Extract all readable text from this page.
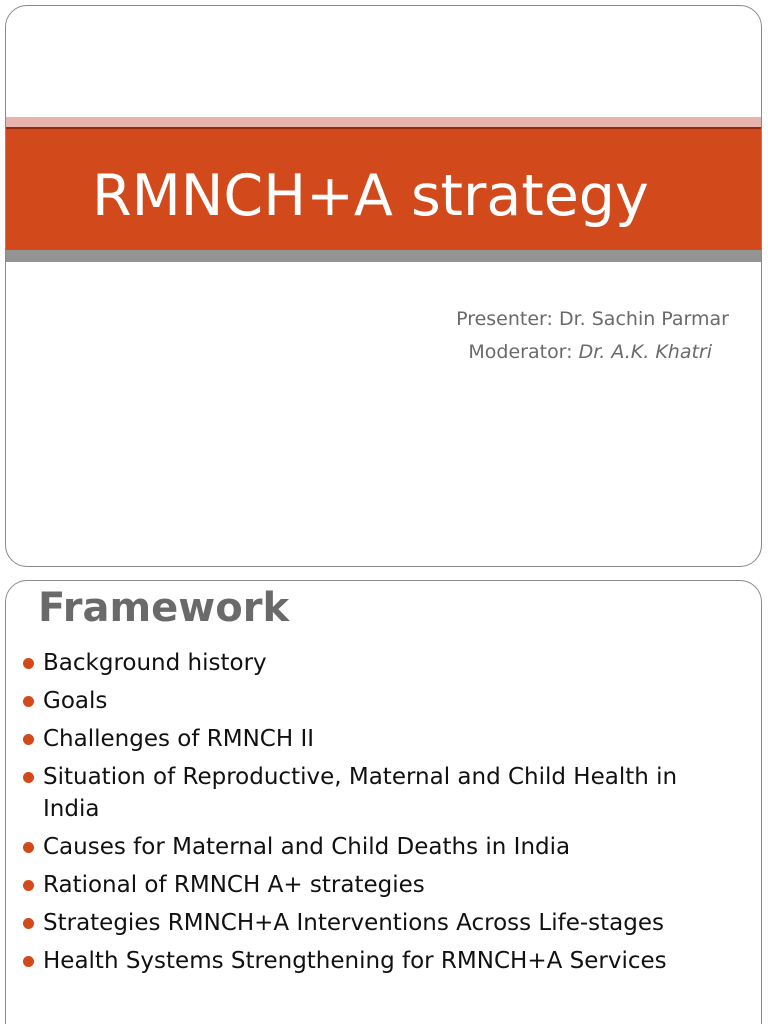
RMNCH+A strategy
Presenter: Dr. Sachin Parmar
Moderator: Dr. A.K. Khatri
Framework
Background history
Goals
Challenges of RMNCH II
Situation of Reproductive, Maternal and Child Health in India
Causes for Maternal and Child Deaths in India
Rational of RMNCH A+ strategies
Strategies RMNCH+A Interventions Across Life-stages
Health Systems Strengthening for RMNCH+A Services
